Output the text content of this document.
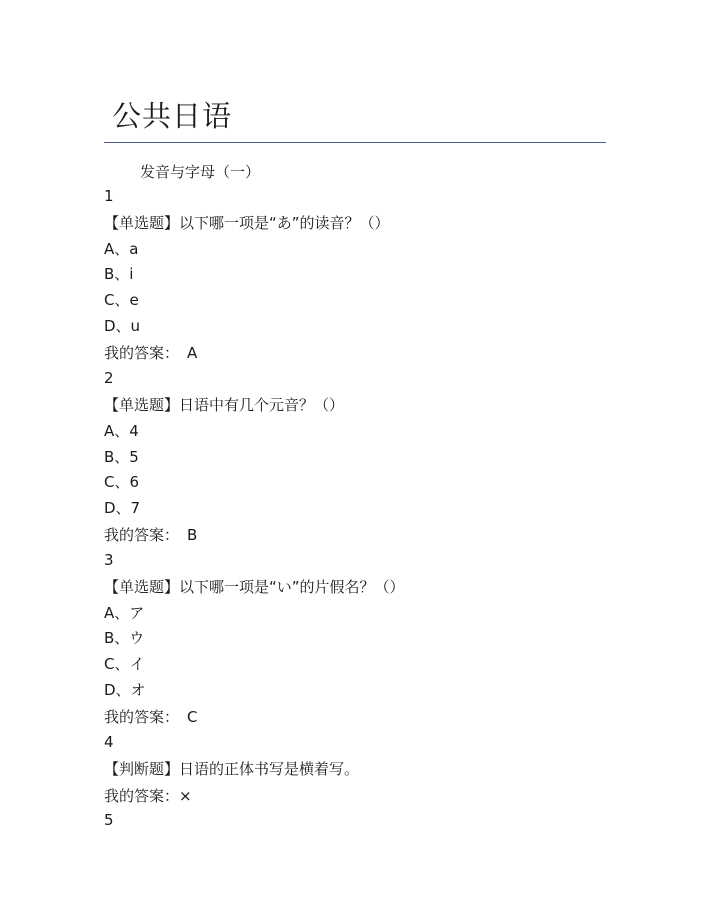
公共日语
发音与字母（一）
1
【单选题】以下哪一项是“あ”的读音？（）
A、a
B、i
C、e
D、u
我的答案： A
2
【单选题】日语中有几个元音？（）
A、4
B、5
C、6
D、7
我的答案： B
3
【单选题】以下哪一项是“い”的片假名？（）
A、ア
B、ウ
C、イ
D、オ
我的答案： C
4
【判断题】日语的正体书写是横着写。
我的答案：×
5
